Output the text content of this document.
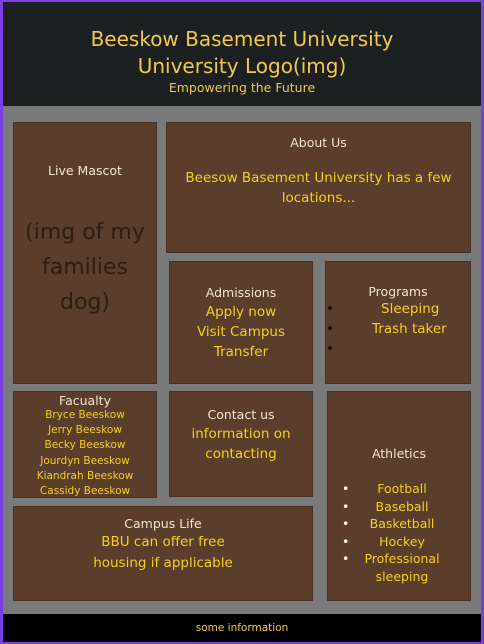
Beeskow Basement University
University Logo(img)
Empowering the Future
Live Mascot
(img of my families dog)
About Us
Beesow Basement University has a few locations...
Admissions
Apply now
Visit Campus
Transfer
Programs
• Sleeping
• Trash taker
•
Facualty
Bryce Beeskow
Jerry Beeskow
Becky Beeskow
Jourdyn Beeskow
Kiandrah Beeskow
Cassidy Beeskow
Contact us
information on contacting	Athletics
• Football
• Baseball
• Basketball
• Hockey
• Professional sleeping
Campus Life
BBU can offer free housing if applicable
some information
